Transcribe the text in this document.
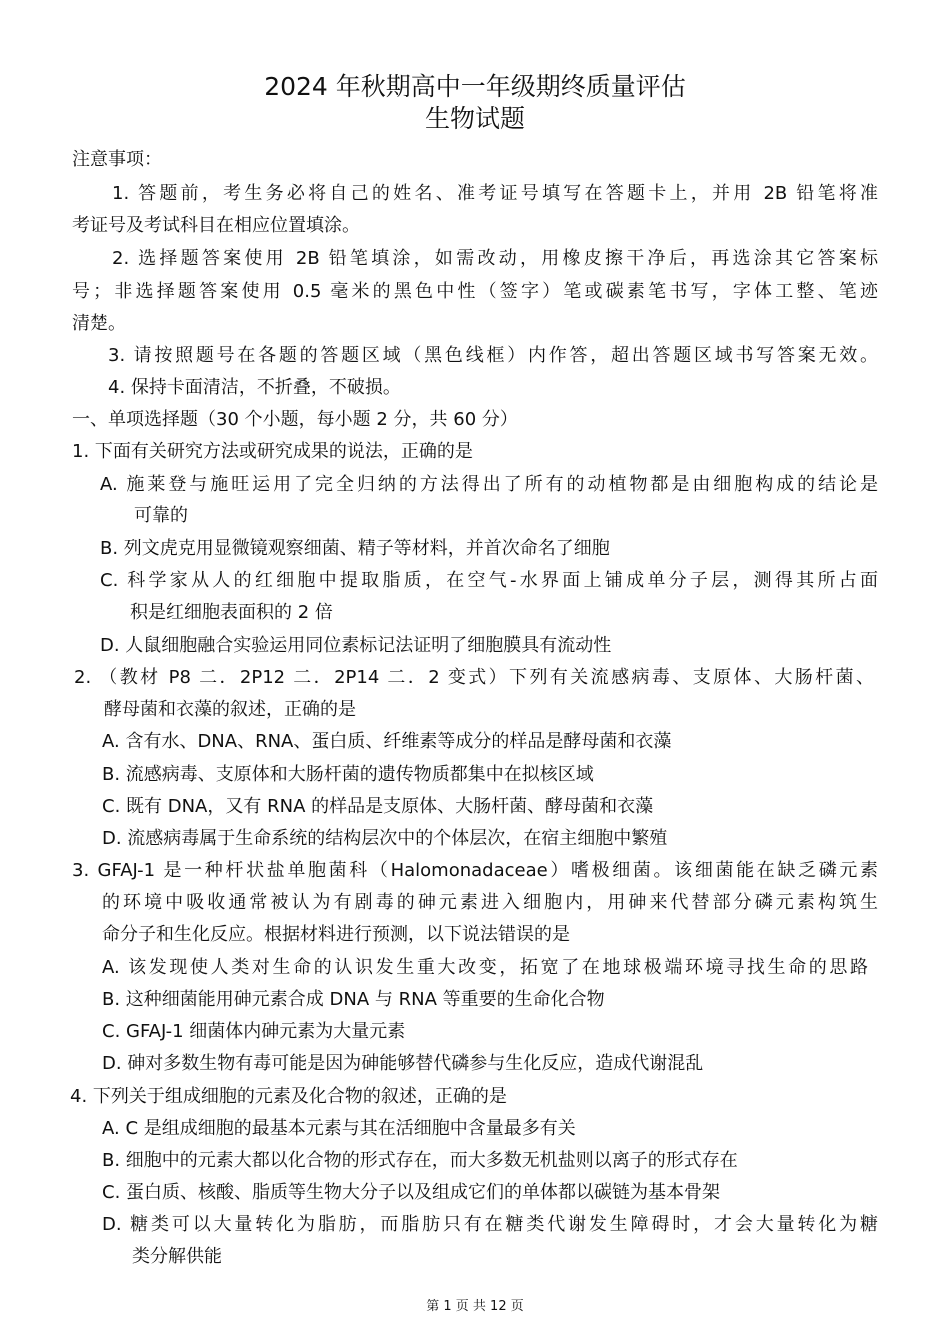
2024 年秋期高中一年级期终质量评估
生物试题
注意事项：
1. 答题前，考生务必将自己的姓名、准考证号填写在答题卡上，并用 2B 铅笔将准
考证号及考试科目在相应位置填涂。
2. 选择题答案使用 2B 铅笔填涂，如需改动，用橡皮擦干净后，再选涂其它答案标
号；非选择题答案使用 0.5 毫米的黑色中性（签字）笔或碳素笔书写，字体工整、笔迹
清楚。
3. 请按照题号在各题的答题区域（黑色线框）内作答，超出答题区域书写答案无效。
4. 保持卡面清洁，不折叠，不破损。
一、单项选择题（30 个小题，每小题 2 分，共 60 分）
1. 下面有关研究方法或研究成果的说法，正确的是
A. 施莱登与施旺运用了完全归纳的方法得出了所有的动植物都是由细胞构成的结论是
可靠的
B. 列文虎克用显微镜观察细菌、精子等材料，并首次命名了细胞
C. 科学家从人的红细胞中提取脂质，在空气-水界面上铺成单分子层，测得其所占面
积是红细胞表面积的 2 倍
D. 人鼠细胞融合实验运用同位素标记法证明了细胞膜具有流动性
2. （教材 P8 二．2P12 二．2P14 二．2 变式）下列有关流感病毒、支原体、大肠杆菌、
酵母菌和衣藻的叙述，正确的是
A. 含有水、DNA、RNA、蛋白质、纤维素等成分的样品是酵母菌和衣藻
B. 流感病毒、支原体和大肠杆菌的遗传物质都集中在拟核区域
C. 既有 DNA，又有 RNA 的样品是支原体、大肠杆菌、酵母菌和衣藻
D. 流感病毒属于生命系统的结构层次中的个体层次，在宿主细胞中繁殖
3. GFAJ-1 是一种杆状盐单胞菌科（Halomonadaceae）嗜极细菌。该细菌能在缺乏磷元素
的环境中吸收通常被认为有剧毒的砷元素进入细胞内，用砷来代替部分磷元素构筑生
命分子和生化反应。根据材料进行预测，以下说法错误的是
A. 该发现使人类对生命的认识发生重大改变，拓宽了在地球极端环境寻找生命的思路
B. 这种细菌能用砷元素合成 DNA 与 RNA 等重要的生命化合物
C. GFAJ-1 细菌体内砷元素为大量元素
D. 砷对多数生物有毒可能是因为砷能够替代磷参与生化反应，造成代谢混乱
4. 下列关于组成细胞的元素及化合物的叙述，正确的是
A. C 是组成细胞的最基本元素与其在活细胞中含量最多有关
B. 细胞中的元素大都以化合物的形式存在，而大多数无机盐则以离子的形式存在
C. 蛋白质、核酸、脂质等生物大分子以及组成它们的单体都以碳链为基本骨架
D. 糖类可以大量转化为脂肪，而脂肪只有在糖类代谢发生障碍时，才会大量转化为糖
类分解供能
第 1 页 共 12 页
